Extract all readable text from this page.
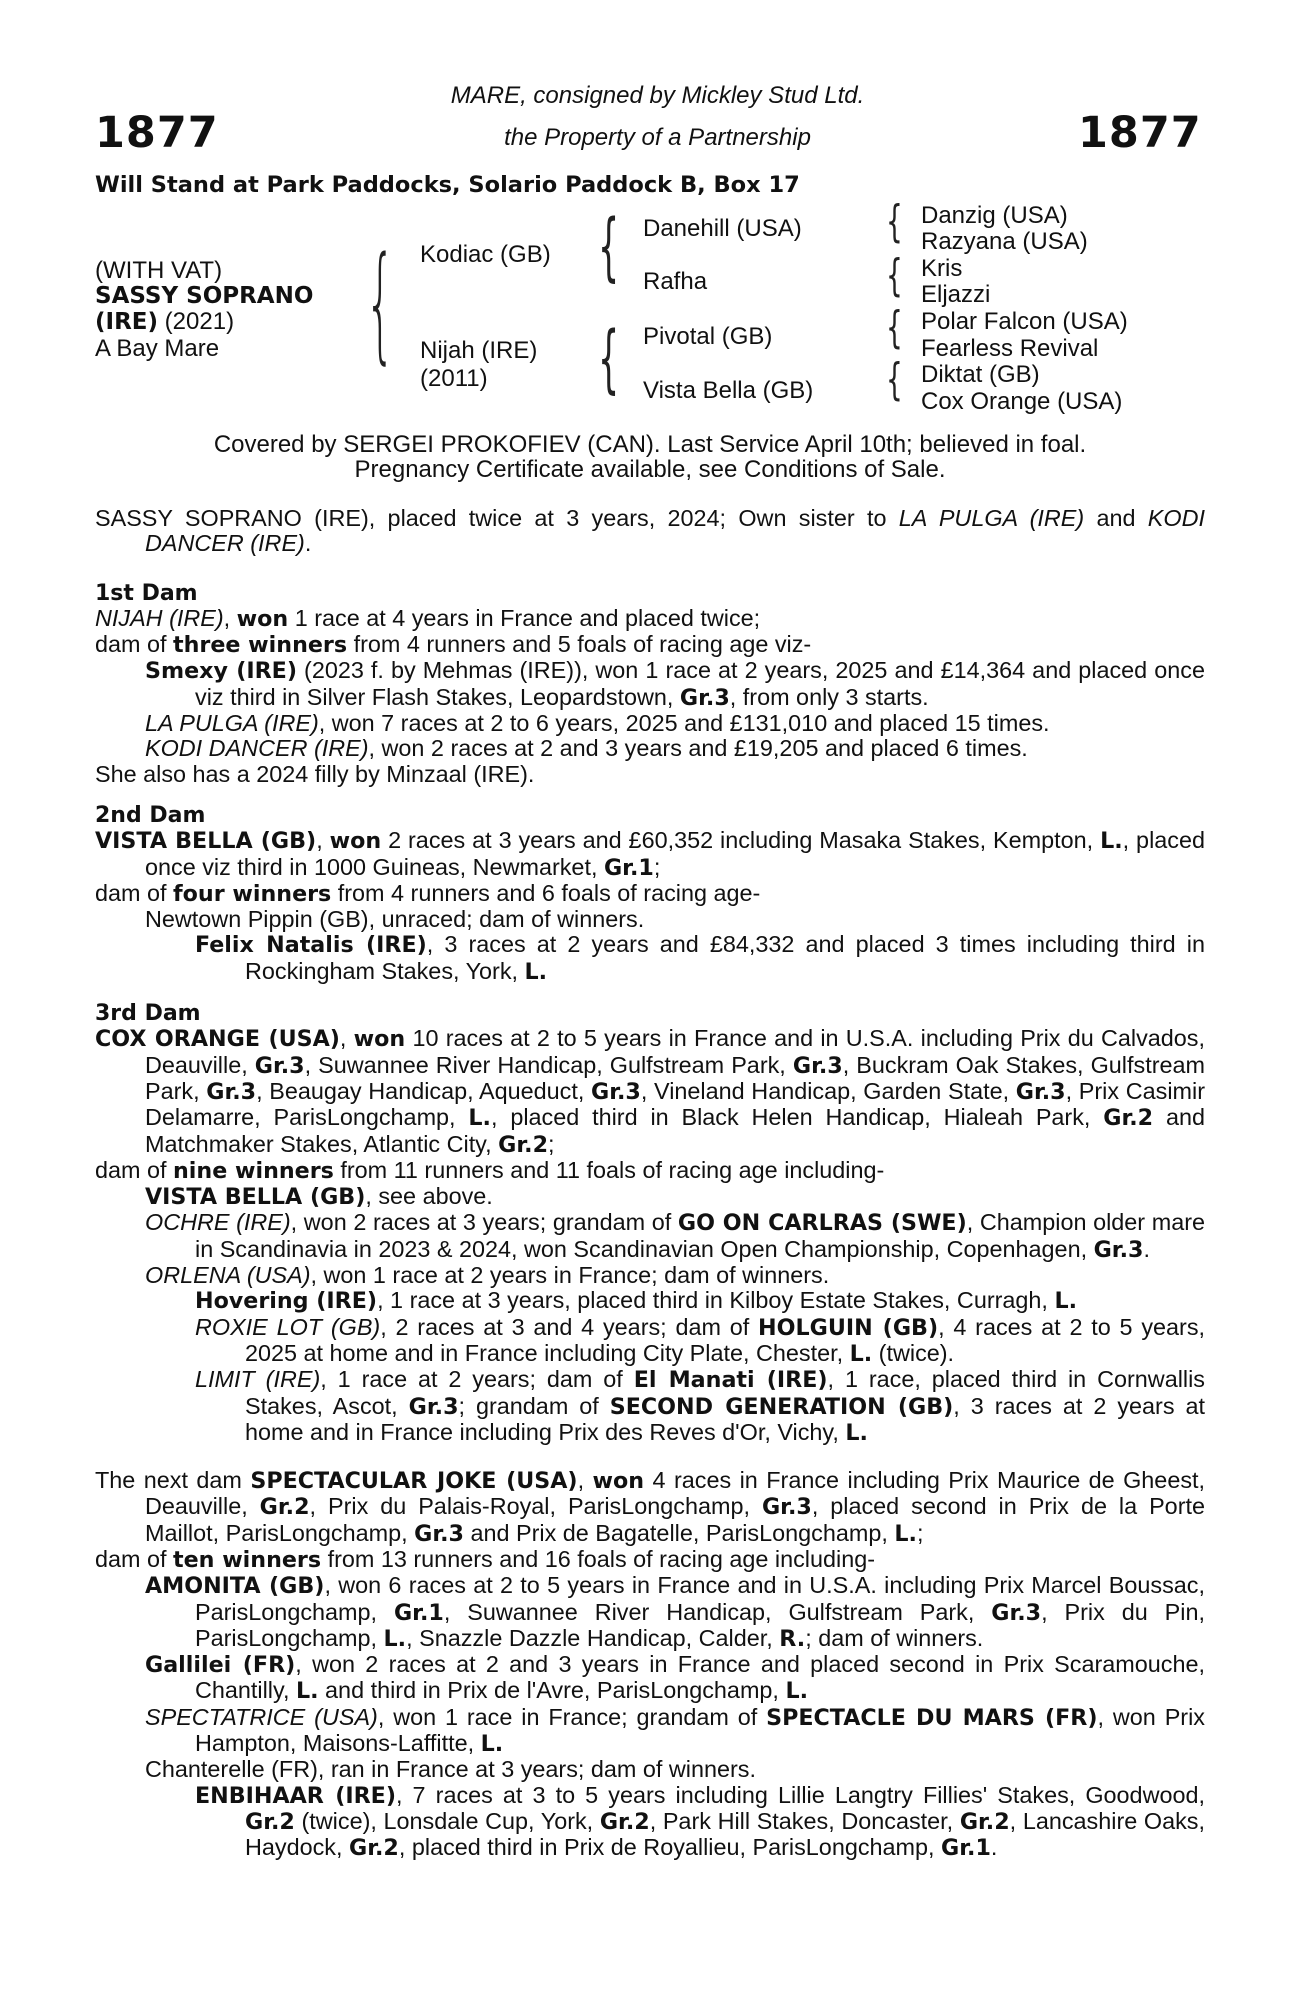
1877	1877
MARE, consigned by Mickley Stud Ltd.
the Property of a Partnership
Will Stand at Park Paddocks, Solario Paddock B, Box 17
(WITH VAT)
SASSY SOPRANO
(IRE) (2021)
A Bay Mare {	{
{
{
{
{
{
Kodiac (GB)
Nijah (IRE)
(2011)
Danehill (USA)
Rafha
Pivotal (GB)
Vista Bella (GB)
Danzig (USA)
Razyana (USA)
Kris
Eljazzi
Polar Falcon (USA)
Fearless Revival
Diktat (GB)
Cox Orange (USA)
Covered by SERGEI PROKOFIEV (CAN). Last Service April 10th; believed in foal.
Pregnancy Certificate available, see Conditions of Sale.

SASSY SOPRANO (IRE), placed twice at 3 years, 2024; Own sister to LA PULGA (IRE) and KODI DANCER (IRE).

1st Dam

NIJAH (IRE), won 1 race at 4 years in France and placed twice;

dam of three winners from 4 runners and 5 foals of racing age viz-

Smexy (IRE) (2023 f. by Mehmas (IRE)), won 1 race at 2 years, 2025 and £14,364 and placed once viz third in Silver Flash Stakes, Leopardstown, Gr.3, from only 3 starts.

LA PULGA (IRE), won 7 races at 2 to 6 years, 2025 and £131,010 and placed 15 times.

KODI DANCER (IRE), won 2 races at 2 and 3 years and £19,205 and placed 6 times.

She also has a 2024 filly by Minzaal (IRE).

2nd Dam

VISTA BELLA (GB), won 2 races at 3 years and £60,352 including Masaka Stakes, Kempton, L., placed once viz third in 1000 Guineas, Newmarket, Gr.1;

dam of four winners from 4 runners and 6 foals of racing age-

Newtown Pippin (GB), unraced; dam of winners.

Felix Natalis (IRE), 3 races at 2 years and £84,332 and placed 3 times including third in Rockingham Stakes, York, L.

3rd Dam

COX ORANGE (USA), won 10 races at 2 to 5 years in France and in U.S.A. including Prix du Calvados, Deauville, Gr.3, Suwannee River Handicap, Gulfstream Park, Gr.3, Buckram Oak Stakes, Gulfstream Park, Gr.3, Beaugay Handicap, Aqueduct, Gr.3, Vineland Handicap, Garden State, Gr.3, Prix Casimir Delamarre, ParisLongchamp, L., placed third in Black Helen Handicap, Hialeah Park, Gr.2 and Matchmaker Stakes, Atlantic City, Gr.2;

dam of nine winners from 11 runners and 11 foals of racing age including-

VISTA BELLA (GB), see above.

OCHRE (IRE), won 2 races at 3 years; grandam of GO ON CARLRAS (SWE), Champion older mare in Scandinavia in 2023 & 2024, won Scandinavian Open Championship, Copenhagen, Gr.3.

ORLENA (USA), won 1 race at 2 years in France; dam of winners.

Hovering (IRE), 1 race at 3 years, placed third in Kilboy Estate Stakes, Curragh, L.

ROXIE LOT (GB), 2 races at 3 and 4 years; dam of HOLGUIN (GB), 4 races at 2 to 5 years, 2025 at home and in France including City Plate, Chester, L. (twice).

LIMIT (IRE), 1 race at 2 years; dam of El Manati (IRE), 1 race, placed third in Cornwallis Stakes, Ascot, Gr.3; grandam of SECOND GENERATION (GB), 3 races at 2 years at home and in France including Prix des Reves d'Or, Vichy, L.

The next dam SPECTACULAR JOKE (USA), won 4 races in France including Prix Maurice de Gheest, Deauville, Gr.2, Prix du Palais-Royal, ParisLongchamp, Gr.3, placed second in Prix de la Porte Maillot, ParisLongchamp, Gr.3 and Prix de Bagatelle, ParisLongchamp, L.;

dam of ten winners from 13 runners and 16 foals of racing age including-

AMONITA (GB), won 6 races at 2 to 5 years in France and in U.S.A. including Prix Marcel Boussac, ParisLongchamp, Gr.1, Suwannee River Handicap, Gulfstream Park, Gr.3, Prix du Pin, ParisLongchamp, L., Snazzle Dazzle Handicap, Calder, R.; dam of winners.

Gallilei (FR), won 2 races at 2 and 3 years in France and placed second in Prix Scaramouche, Chantilly, L. and third in Prix de l'Avre, ParisLongchamp, L.

SPECTATRICE (USA), won 1 race in France; grandam of SPECTACLE DU MARS (FR), won Prix Hampton, Maisons-Laffitte, L.

Chanterelle (FR), ran in France at 3 years; dam of winners.

ENBIHAAR (IRE), 7 races at 3 to 5 years including Lillie Langtry Fillies' Stakes, Goodwood, Gr.2 (twice), Lonsdale Cup, York, Gr.2, Park Hill Stakes, Doncaster, Gr.2, Lancashire Oaks, Haydock, Gr.2, placed third in Prix de Royallieu, ParisLongchamp, Gr.1.
